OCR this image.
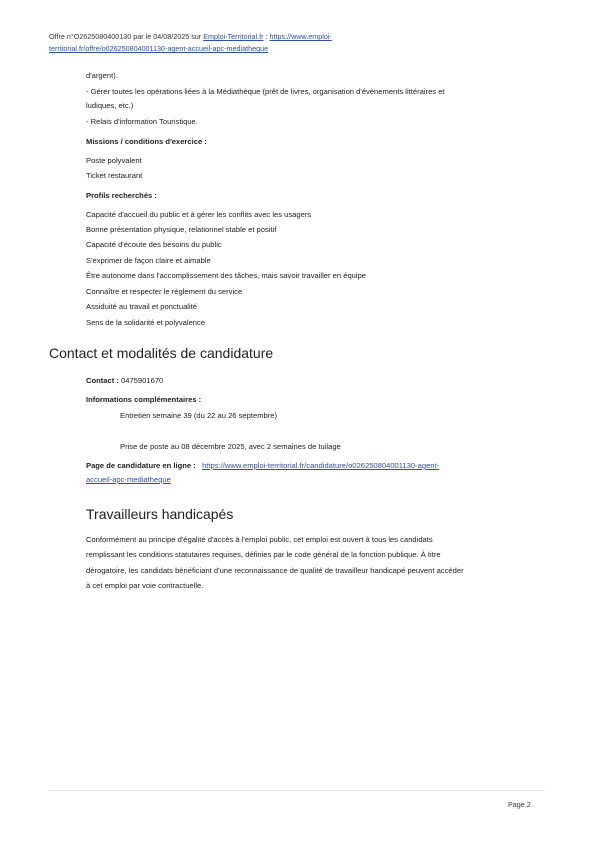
Offre n°O2625080400130 par le 04/08/2025 sur Emploi-Territorial.fr : https://www.emploi-
territorial.fr/offre/o026250804001130-agent-accueil-apc-mediatheque
d'argent).
- Gérer toutes les opérations liées à la Médiathèque (prêt de livres, organisation d'évènements littéraires et
ludiques, etc.)
- Relais d'information Touristique.
Missions / conditions d'exercice :
Poste polyvalent
Ticket restaurant
Profils recherchés :
Capacité d'accueil du public et à gérer les conflits avec les usagers
Bonne présentation physique, relationnel stable et positif
Capacité d'écoute des besoins du public
S'exprimer de façon claire et aimable
Être autonome dans l'accomplissement des tâches, mais savoir travailler en équipe
Connaître et respecter le règlement du service
Assiduité au travail et ponctualité
Sens de la solidarité et polyvalence
Contact et modalités de candidature
Contact : 0475901670
Informations complémentaires :
Entretien semaine 39 (du 22 au 26 septembre)
Prise de poste au 08 décembre 2025, avec 2 semaines de tuilage
Page de candidature en ligne : https://www.emploi-territorial.fr/candidature/o026250804001130-agent-
accueil-apc-mediatheque
Travailleurs handicapés
Conformément au principe d'égalité d'accès à l'emploi public, cet emploi est ouvert à tous les candidats
remplissant les conditions statutaires requises, définies par le code général de la fonction publique. À titre
dérogatoire, les candidats bénéficiant d'une reconnaissance de qualité de travailleur handicapé peuvent accéder
à cet emploi par voie contractuelle.
Page 2
